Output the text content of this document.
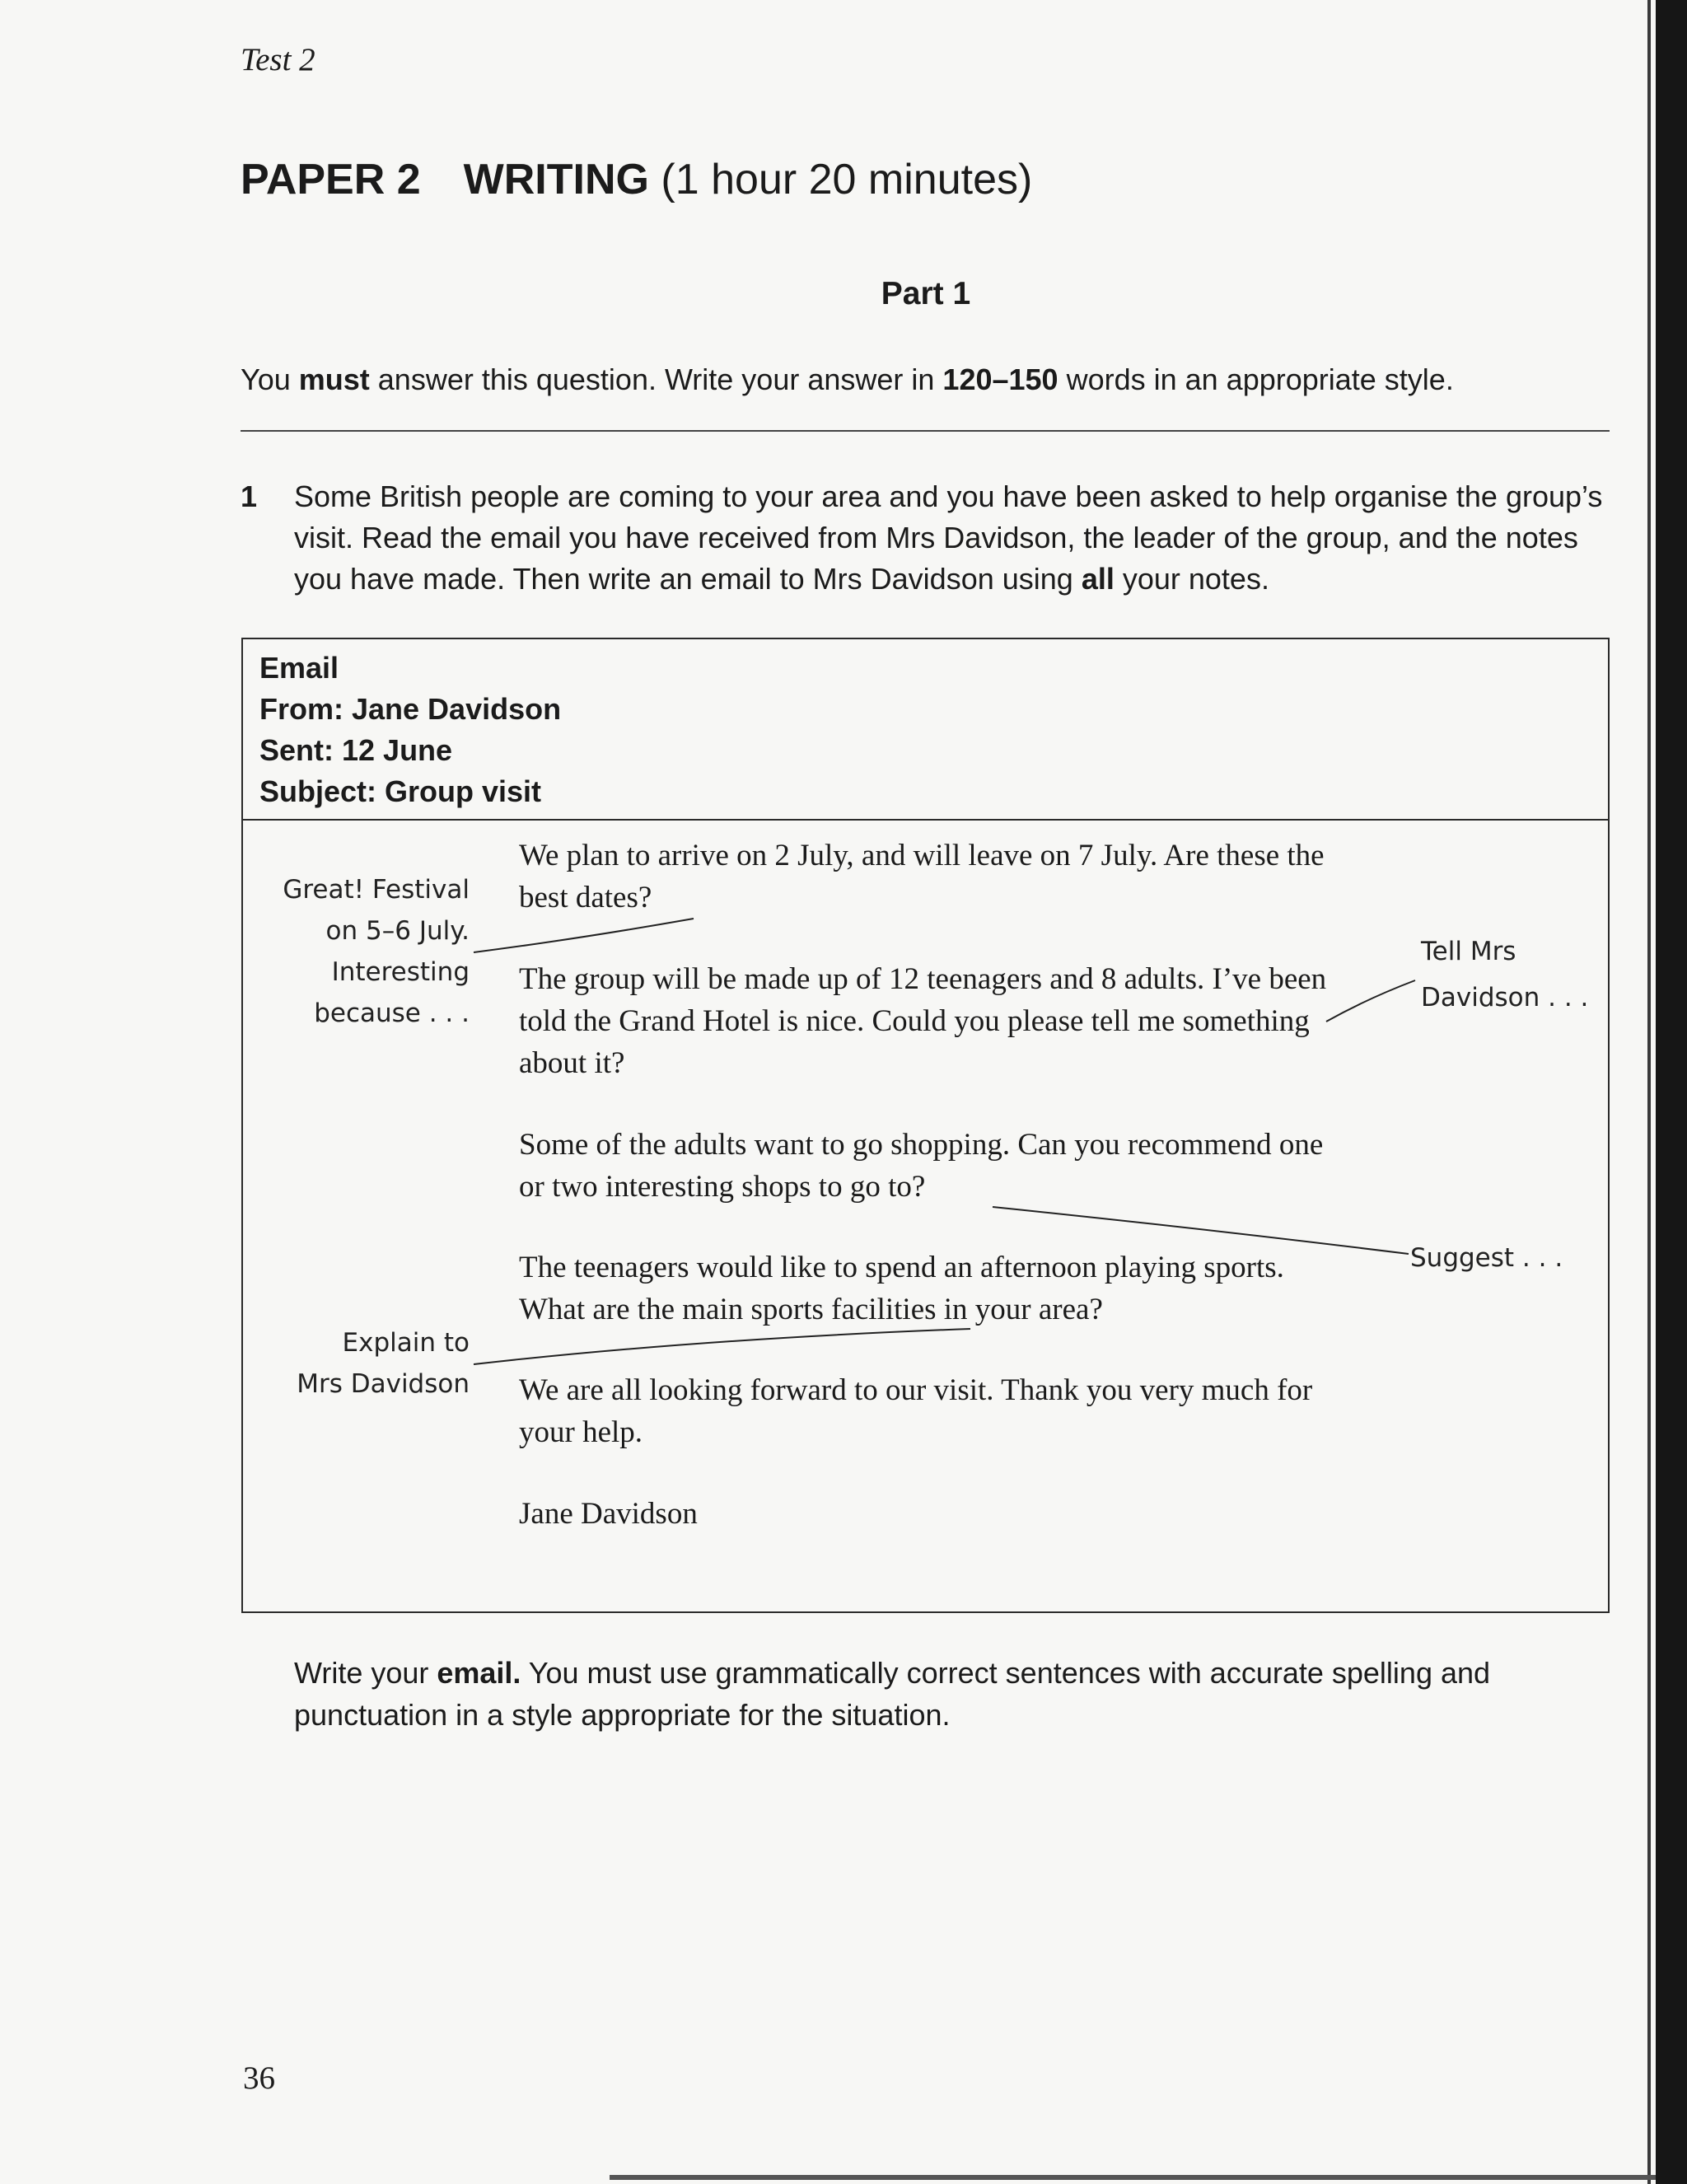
Test 2
PAPER 2 WRITING (1 hour 20 minutes)
Part 1
You must answer this question. Write your answer in 120–150 words in an appropriate style.
1 Some British people are coming to your area and you have been asked to help organise the group’s visit. Read the email you have received from Mrs Davidson, the leader of the group, and the notes you have made. Then write an email to Mrs Davidson using all your notes.
Email
From: Jane Davidson
Sent: 12 June
Subject: Group visit
We plan to arrive on 2 July, and will leave on 7 July. Are these the best dates?
The group will be made up of 12 teenagers and 8 adults. I’ve been told the Grand Hotel is nice. Could you please tell me something about it?
Some of the adults want to go shopping. Can you recommend one or two interesting shops to go to?
The teenagers would like to spend an afternoon playing sports. What are the main sports facilities in your area?
We are all looking forward to our visit. Thank you very much for your help.
Jane Davidson
Great! Festival
on 5–6 July.
Interesting
because . . .
Tell Mrs
Davidson . . .
Suggest . . .
Explain to
Mrs Davidson
Write your email. You must use grammatically correct sentences with accurate spelling and punctuation in a style appropriate for the situation.
36
